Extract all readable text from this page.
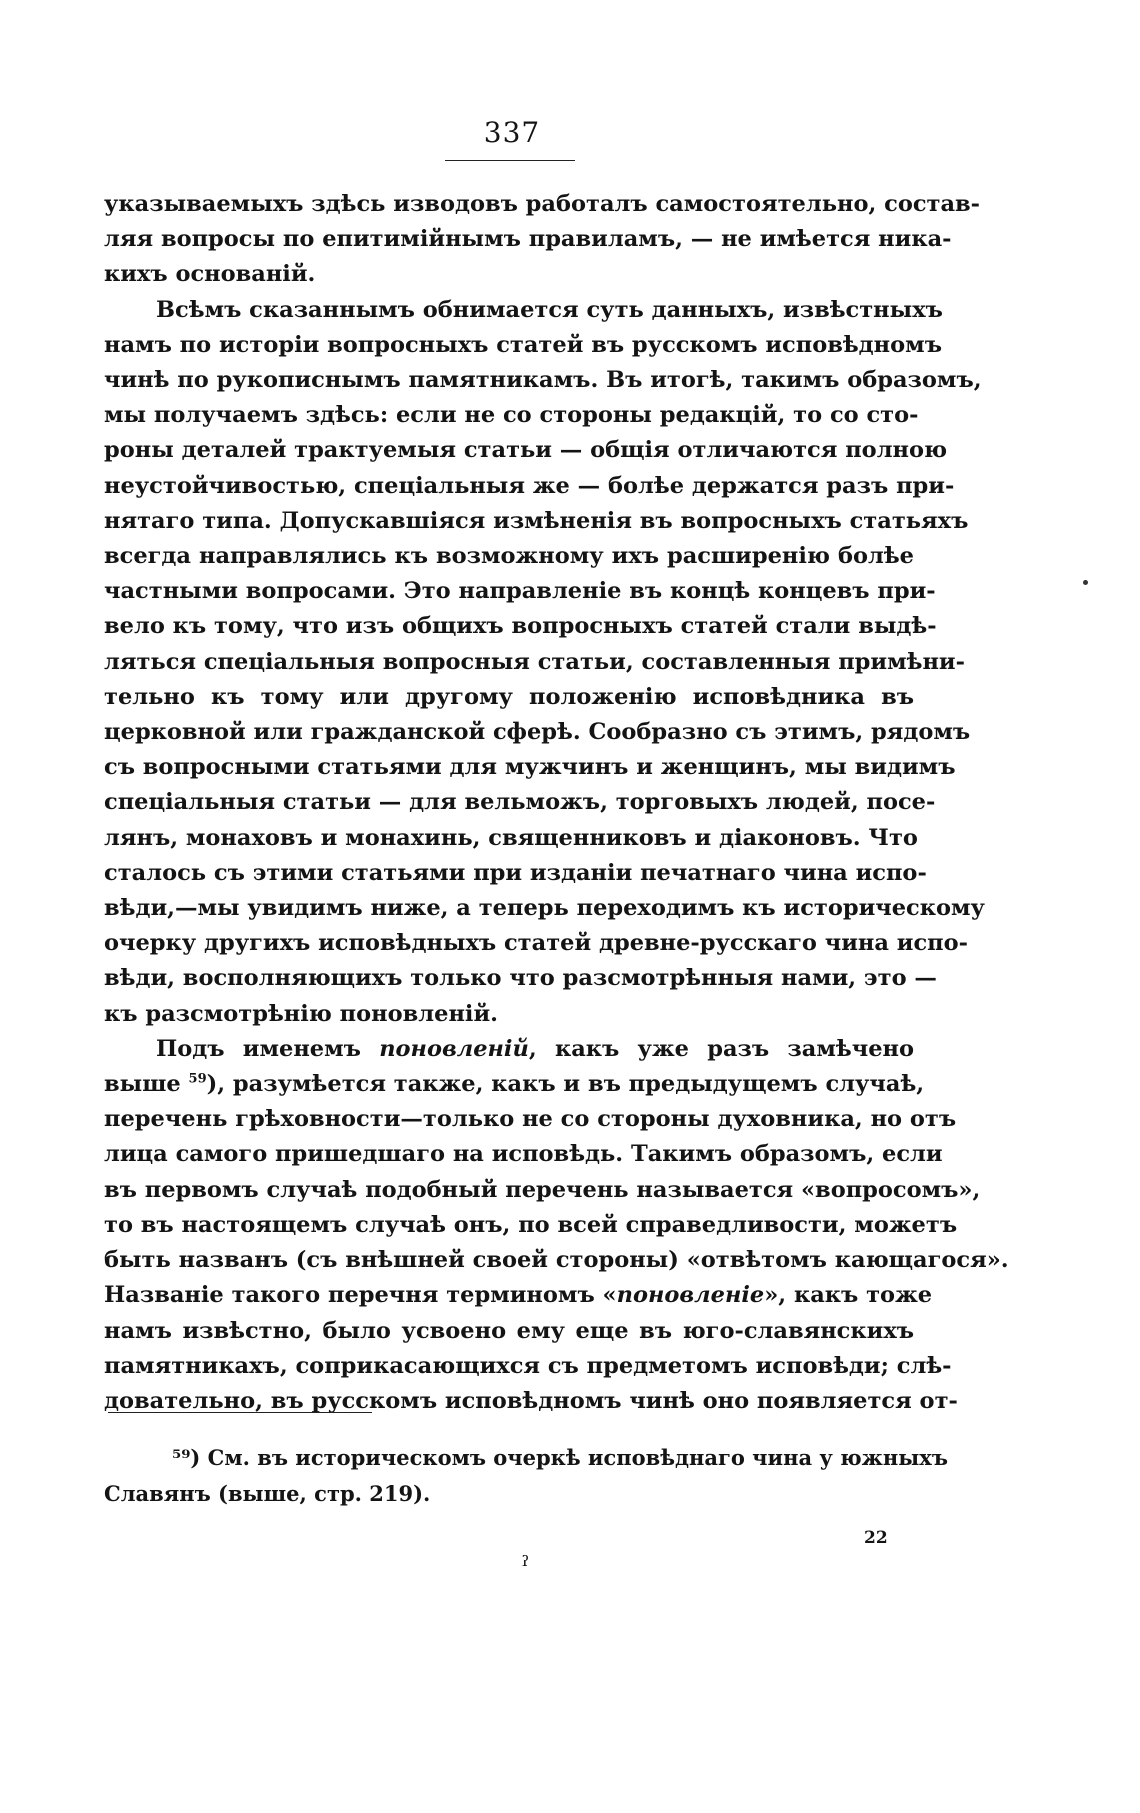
337
указываемыхъ здѣсь изводовъ работалъ самостоятельно, состав-
ляя вопросы по епитимійнымъ правиламъ, — не имѣется ника-
кихъ основаній.
Всѣмъ сказаннымъ обнимается суть данныхъ, извѣстныхъ
намъ по исторіи вопросныхъ статей въ русскомъ исповѣдномъ
чинѣ по рукописнымъ памятникамъ. Въ итогѣ, такимъ образомъ,
мы получаемъ здѣсь: если не со стороны редакцій, то со сто-
роны деталей трактуемыя статьи — общія отличаются полною
неустойчивостью, спеціальныя же — болѣе держатся разъ при-
нятаго типа. Допускавшіяся измѣненія въ вопросныхъ статьяхъ
всегда направлялись къ возможному ихъ расширенію болѣе
частными вопросами. Это направленіе въ концѣ концевъ при-
вело къ тому, что изъ общихъ вопросныхъ статей стали выдѣ-
ляться спеціальныя вопросныя статьи, составленныя примѣни-
тельно къ тому или другому положенію исповѣдника въ
церковной или гражданской сферѣ. Сообразно съ этимъ, рядомъ
съ вопросными статьями для мужчинъ и женщинъ, мы видимъ
спеціальныя статьи — для вельможъ, торговыхъ людей, посе-
лянъ, монаховъ и монахинь, священниковъ и діаконовъ. Что
сталось съ этими статьями при изданіи печатнаго чина испо-
вѣди,—мы увидимъ ниже, а теперь переходимъ къ историческому
очерку другихъ исповѣдныхъ статей древне-русскаго чина испо-
вѣди, восполняющихъ только что разсмотрѣнныя нами, это —
къ разсмотрѣнію поновленій.
Подъ именемъ поновленій, какъ уже разъ замѣчено
выше $^{59}$), разумѣется также, какъ и въ предыдущемъ случаѣ,
перечень грѣховности—только не со стороны духовника, но отъ
лица самого пришедшаго на исповѣдь. Такимъ образомъ, если
въ первомъ случаѣ подобный перечень называется «вопросомъ»,
то въ настоящемъ случаѣ онъ, по всей справедливости, можетъ
быть названъ (съ внѣшней своей стороны) «отвѣтомъ кающагося».
Названіе такого перечня терминомъ «поновленіе», какъ тоже
намъ извѣстно, было усвоено ему еще въ юго-славянскихъ
памятникахъ, соприкасающихся съ предметомъ исповѣди; слѣ-
довательно, въ русскомъ исповѣдномъ чинѣ оно появляется от-
⁵⁹) См. въ историческомъ очеркѣ исповѣднаго чина у южныхъ
Славянъ (выше, стр. 219).
22
ˀ
